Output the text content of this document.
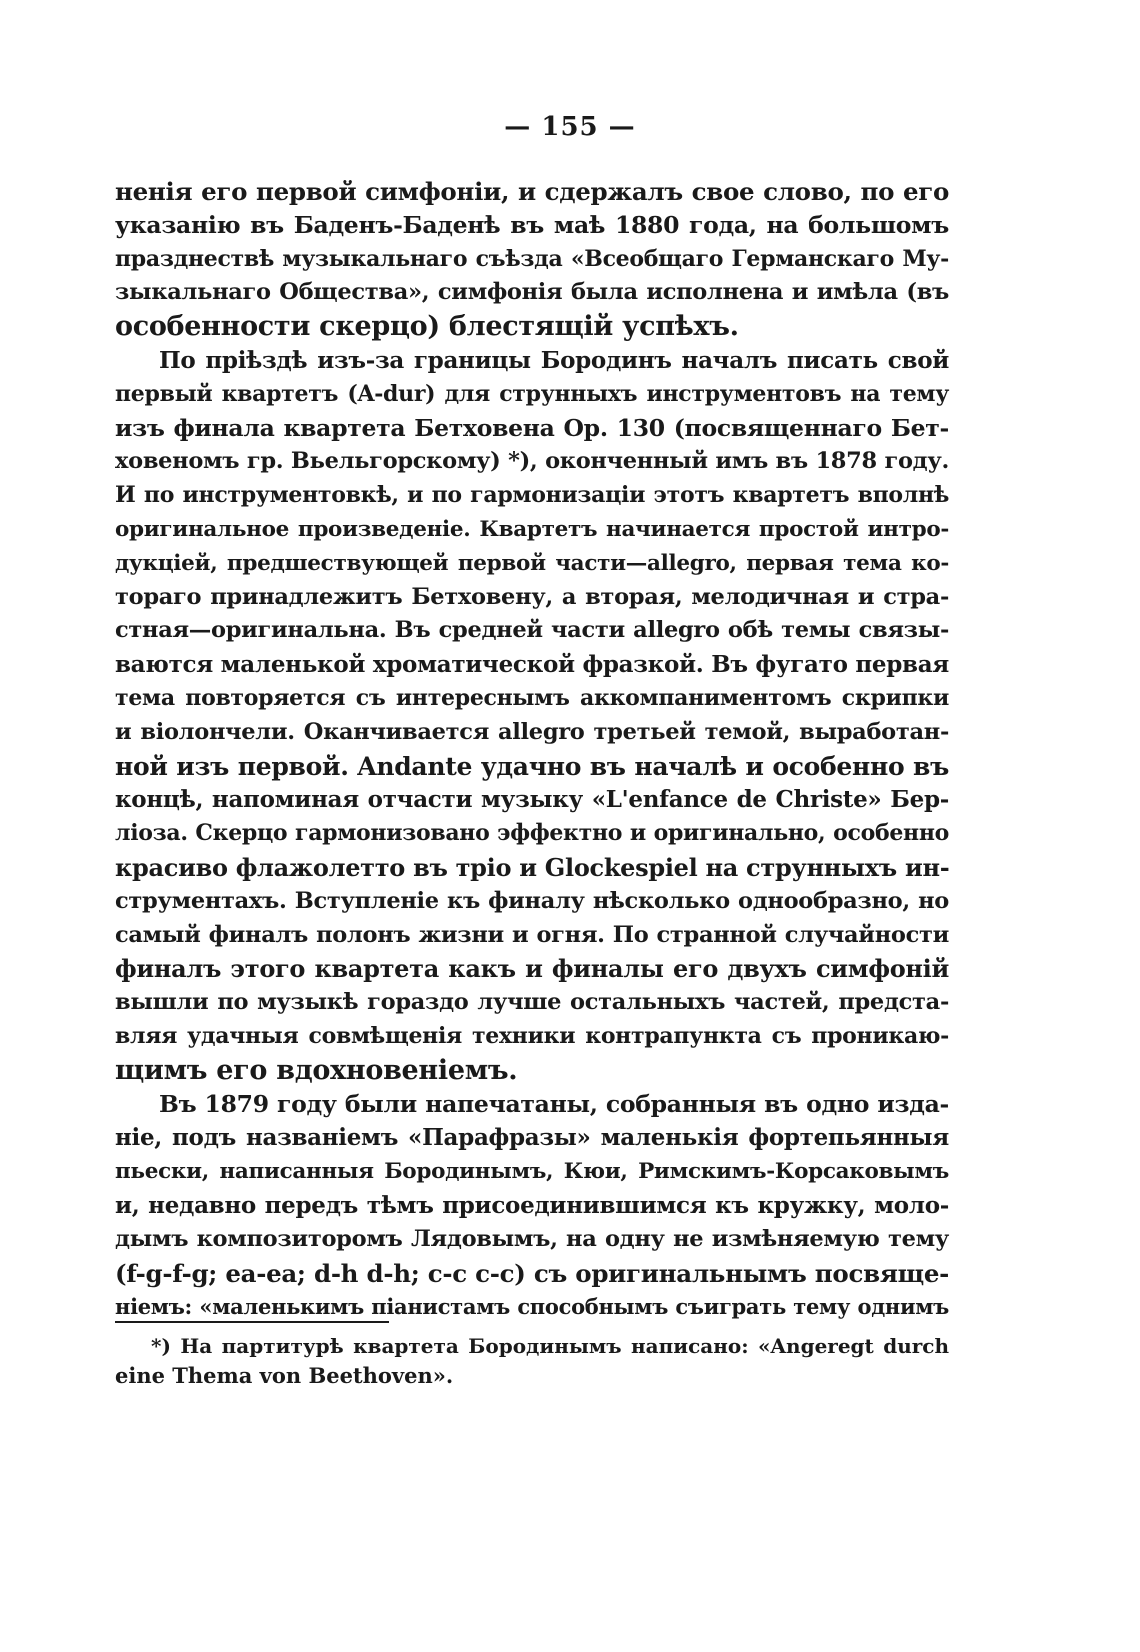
— 155 —
ненія его первой симфоніи, и сдержалъ свое слово, по его
указанію въ Баденъ-Баденѣ въ маѣ 1880 года, на большомъ
празднествѣ музыкальнаго съѣзда «Всеобщаго Германскаго Му-
зыкальнаго Общества», симфонія была исполнена и имѣла (въ
особенности скерцо) блестящій успѣхъ.
По пріѣздѣ изъ-за границы Бородинъ началъ писать свой
первый квартетъ (A-dur) для струнныхъ инструментовъ на тему
изъ финала квартета Бетховена Ор. 130 (посвященнаго Бет-
ховеномъ гр. Вьельгорскому) *), оконченный имъ въ 1878 году.
И по инструментовкѣ, и по гармонизаціи этотъ квартетъ вполнѣ
оригинальное произведеніе. Квартетъ начинается простой интро-
дукціей, предшествующей первой части—allegro, первая тема ко-
тораго принадлежитъ Бетховену, а вторая, мелодичная и стра-
стная—оригинальна. Въ средней части allegro обѣ темы связы-
ваются маленькой хроматической фразкой. Въ фугато первая
тема повторяется съ интереснымъ аккомпаниментомъ скрипки
и віолончели. Оканчивается allegro третьей темой, выработан-
ной изъ первой. Andante удачно въ началѣ и особенно въ
концѣ, напоминая отчасти музыку «L'enfance de Christe» Бер-
ліоза. Скерцо гармонизовано эффектно и оригинально, особенно
красиво флажолетто въ тріо и Glockespiel на струнныхъ ин-
струментахъ. Вступленіе къ финалу нѣсколько однообразно, но
самый финалъ полонъ жизни и огня. По странной случайности
финалъ этого квартета какъ и финалы его двухъ симфоній
вышли по музыкѣ гораздо лучше остальныхъ частей, предста-
вляя удачныя совмѣщенія техники контрапункта съ проникаю-
щимъ его вдохновеніемъ.
Въ 1879 году были напечатаны, собранныя въ одно изда-
ніе, подъ названіемъ «Парафразы» маленькія фортепьянныя
пьески, написанныя Бородинымъ, Кюи, Римскимъ-Корсаковымъ
и, недавно передъ тѣмъ присоединившимся къ кружку, моло-
дымъ композиторомъ Лядовымъ, на одну не измѣняемую тему
(f-g-f-g; ea-ea; d-h d-h; c-c c-c) съ оригинальнымъ посвяще-
ніемъ: «маленькимъ піанистамъ способнымъ съиграть тему однимъ
*) На партитурѣ квартета Бородинымъ написано: «Angeregt durch
eine Thema von Beethoven».
